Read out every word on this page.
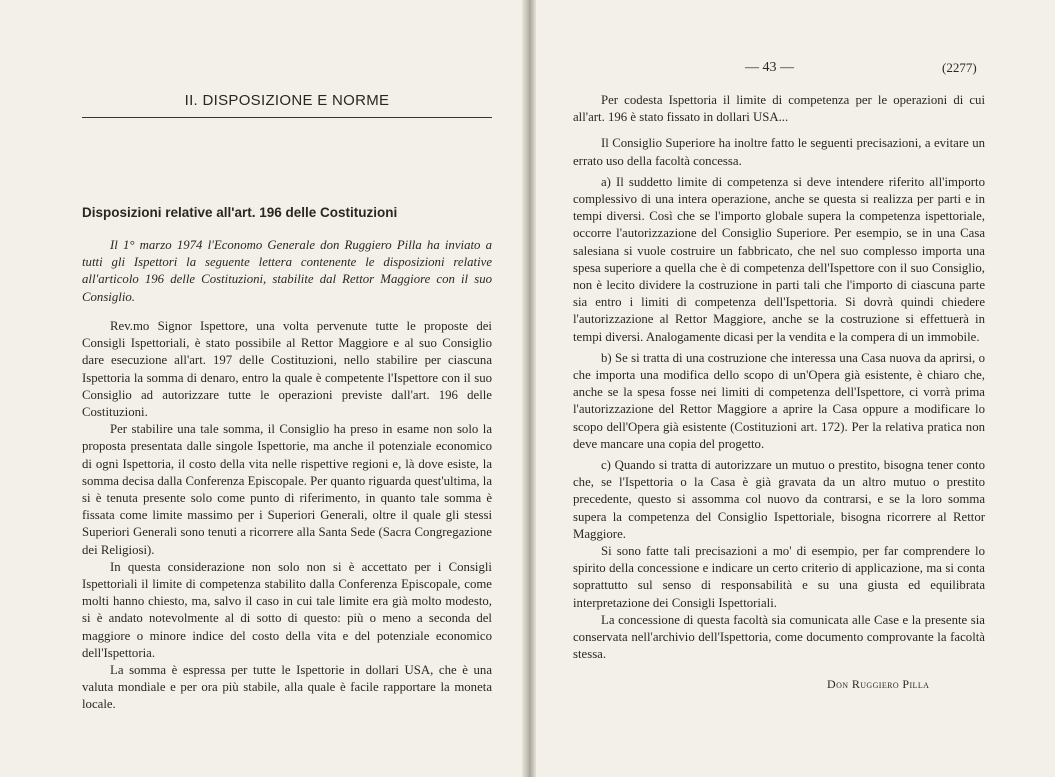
II. DISPOSIZIONE E NORME
Disposizioni relative all'art. 196 delle Costituzioni
Il 1° marzo 1974 l'Economo Generale don Ruggiero Pilla ha inviato a tutti gli Ispettori la seguente lettera contenente le disposizioni relative all'articolo 196 delle Costituzioni, stabilite dal Rettor Maggiore con il suo Consiglio.

Rev.mo Signor Ispettore, una volta pervenute tutte le proposte dei Consigli Ispettoriali, è stato possibile al Rettor Maggiore e al suo Consiglio dare esecuzione all'art. 197 delle Costituzioni, nello stabilire per ciascuna Ispettoria la somma di denaro, entro la quale è competente l'Ispettore con il suo Consiglio ad autorizzare tutte le operazioni previste dall'art. 196 delle Costituzioni.

Per stabilire una tale somma, il Consiglio ha preso in esame non solo la proposta presentata dalle singole Ispettorie, ma anche il potenziale economico di ogni Ispettoria, il costo della vita nelle rispettive regioni e, là dove esiste, la somma decisa dalla Conferenza Episcopale. Per quanto riguarda quest'ultima, la si è tenuta presente solo come punto di riferimento, in quanto tale somma è fissata come limite massimo per i Superiori Generali, oltre il quale gli stessi Superiori Generali sono tenuti a ricorrere alla Santa Sede (Sacra Congregazione dei Religiosi).

In questa considerazione non solo non si è accettato per i Consigli Ispettoriali il limite di competenza stabilito dalla Conferenza Episcopale, come molti hanno chiesto, ma, salvo il caso in cui tale limite era già molto modesto, si è andato notevolmente al di sotto di questo: più o meno a seconda del maggiore o minore indice del costo della vita e del potenziale economico dell'Ispettoria.

La somma è espressa per tutte le Ispettorie in dollari USA, che è una valuta mondiale e per ora più stabile, alla quale è facile rapportare la moneta locale.

— 43 —	(2277)

Per codesta Ispettoria il limite di competenza per le operazioni di cui all'art. 196 è stato fissato in dollari USA...

Il Consiglio Superiore ha inoltre fatto le seguenti precisazioni, a evitare un errato uso della facoltà concessa.

a) Il suddetto limite di competenza si deve intendere riferito all'importo complessivo di una intera operazione, anche se questa si realizza per parti e in tempi diversi. Così che se l'importo globale supera la competenza ispettoriale, occorre l'autorizzazione del Consiglio Superiore. Per esempio, se in una Casa salesiana si vuole costruire un fabbricato, che nel suo complesso importa una spesa superiore a quella che è di competenza dell'Ispettore con il suo Consiglio, non è lecito dividere la costruzione in parti tali che l'importo di ciascuna parte sia entro i limiti di competenza dell'Ispettoria. Si dovrà quindi chiedere l'autorizzazione al Rettor Maggiore, anche se la costruzione si effettuerà in tempi diversi. Analogamente dicasi per la vendita e la compera di un immobile.

b) Se si tratta di una costruzione che interessa una Casa nuova da aprirsi, o che importa una modifica dello scopo di un'Opera già esistente, è chiaro che, anche se la spesa fosse nei limiti di competenza dell'Ispettore, ci vorrà prima l'autorizzazione del Rettor Maggiore a aprire la Casa oppure a modificare lo scopo dell'Opera già esistente (Costituzioni art. 172). Per la relativa pratica non deve mancare una copia del progetto.

c) Quando si tratta di autorizzare un mutuo o prestito, bisogna tener conto che, se l'Ispettoria o la Casa è già gravata da un altro mutuo o prestito precedente, questo si assomma col nuovo da contrarsi, e se la loro somma supera la competenza del Consiglio Ispettoriale, bisogna ricorrere al Rettor Maggiore.

Si sono fatte tali precisazioni a mo' di esempio, per far comprendere lo spirito della concessione e indicare un certo criterio di applicazione, ma si conta soprattutto sul senso di responsabilità e su una giusta ed equilibrata interpretazione dei Consigli Ispettoriali.

La concessione di questa facoltà sia comunicata alle Case e la presente sia conservata nell'archivio dell'Ispettoria, come documento comprovante la facoltà stessa.

Don Ruggiero Pilla
